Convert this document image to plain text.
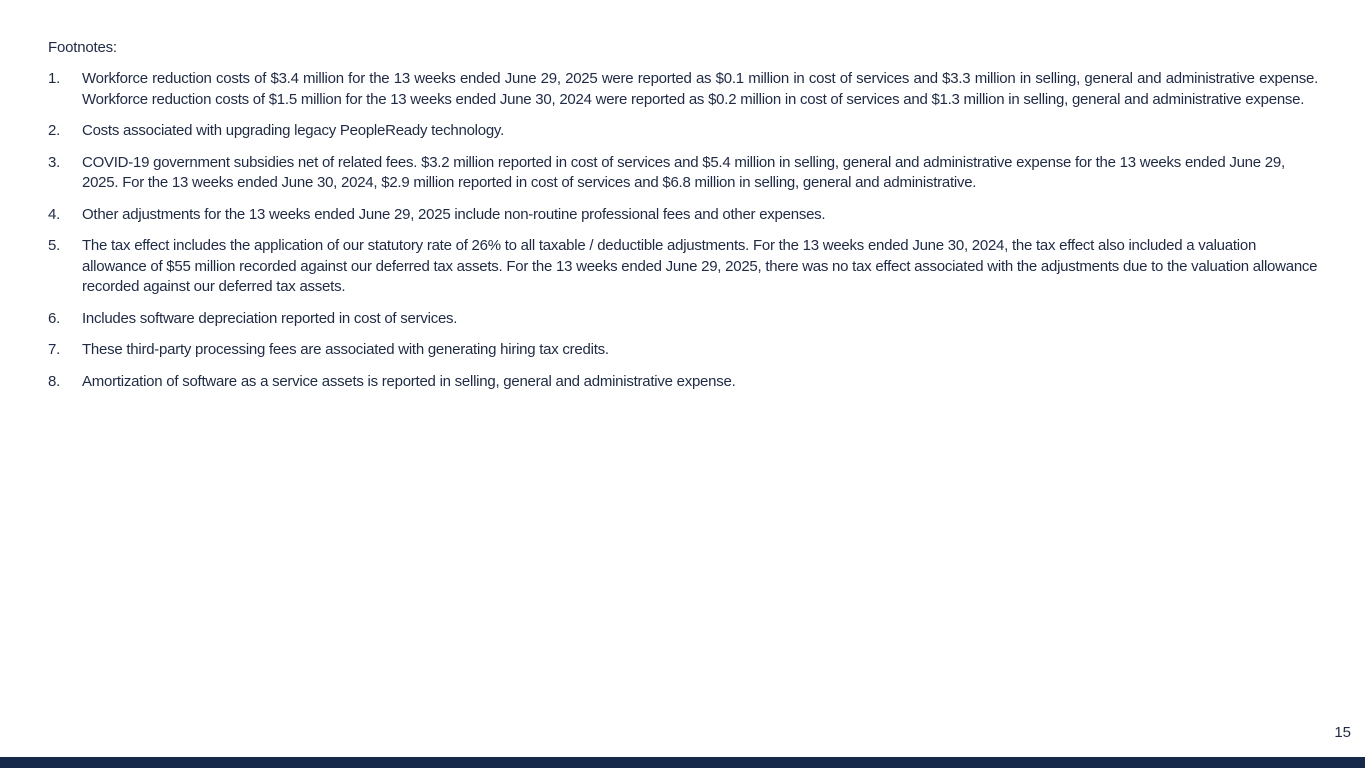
Footnotes:
1.	Workforce reduction costs of $3.4 million for the 13 weeks ended June 29, 2025 were reported as $0.1 million in cost of services and $3.3 million in selling, general and administrative expense. Workforce reduction costs of $1.5 million for the 13 weeks ended June 30, 2024 were reported as $0.2 million in cost of services and $1.3 million in selling, general and administrative expense.
2.	Costs associated with upgrading legacy PeopleReady technology.
3.	COVID-19 government subsidies net of related fees. $3.2 million reported in cost of services and $5.4 million in selling, general and administrative expense for the 13 weeks ended June 29, 2025. For the 13 weeks ended June 30, 2024, $2.9 million reported in cost of services and $6.8 million in selling, general and administrative.
4.	Other adjustments for the 13 weeks ended June 29, 2025 include non-routine professional fees and other expenses.
5.	The tax effect includes the application of our statutory rate of 26% to all taxable / deductible adjustments. For the 13 weeks ended June 30, 2024, the tax effect also included a valuation allowance of $55 million recorded against our deferred tax assets. For the 13 weeks ended June 29, 2025, there was no tax effect associated with the adjustments due to the valuation allowance recorded against our deferred tax assets.
6.	Includes software depreciation reported in cost of services.
7.	These third-party processing fees are associated with generating hiring tax credits.
8.	Amortization of software as a service assets is reported in selling, general and administrative expense.
15
